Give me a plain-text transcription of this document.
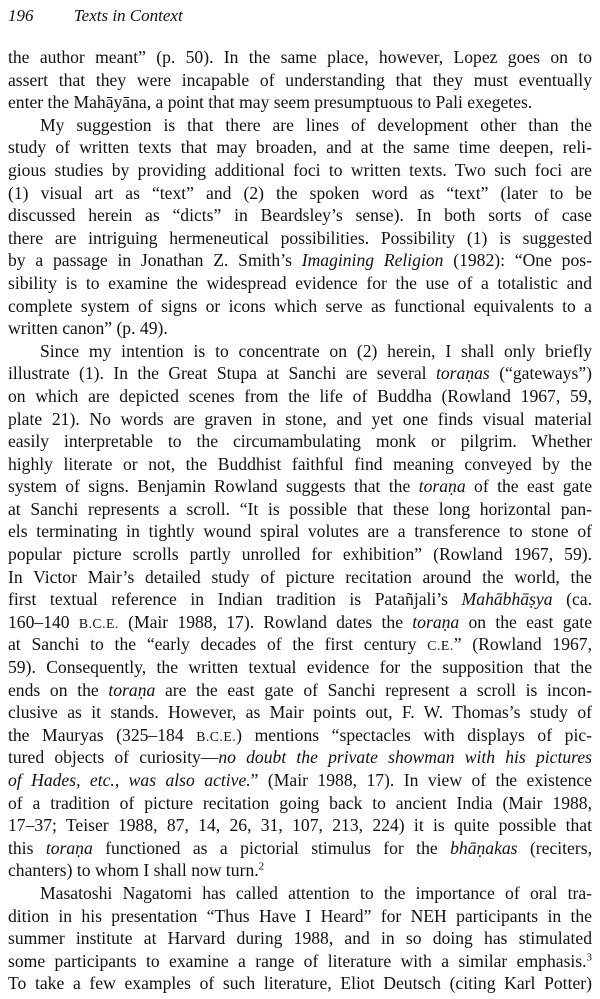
196 Texts in Context
the author meant” (p. 50). In the same place, however, Lopez goes on to
assert that they were incapable of understanding that they must eventually
enter the Mahāyāna, a point that may seem presumptuous to Pali exegetes.
My suggestion is that there are lines of development other than the
study of written texts that may broaden, and at the same time deepen, reli-
gious studies by providing additional foci to written texts. Two such foci are
(1) visual art as “text” and (2) the spoken word as “text” (later to be
discussed herein as “dicts” in Beardsley’s sense). In both sorts of case
there are intriguing hermeneutical possibilities. Possibility (1) is suggested
by a passage in Jonathan Z. Smith’s Imagining Religion (1982): “One pos-
sibility is to examine the widespread evidence for the use of a totalistic and
complete system of signs or icons which serve as functional equivalents to a
written canon” (p. 49).
Since my intention is to concentrate on (2) herein, I shall only briefly
illustrate (1). In the Great Stupa at Sanchi are several toraṇas (“gateways”)
on which are depicted scenes from the life of Buddha (Rowland 1967, 59,
plate 21). No words are graven in stone, and yet one finds visual material
easily interpretable to the circumambulating monk or pilgrim. Whether
highly literate or not, the Buddhist faithful find meaning conveyed by the
system of signs. Benjamin Rowland suggests that the toraṇa of the east gate
at Sanchi represents a scroll. “It is possible that these long horizontal pan-
els terminating in tightly wound spiral volutes are a transference to stone of
popular picture scrolls partly unrolled for exhibition” (Rowland 1967, 59).
In Victor Mair’s detailed study of picture recitation around the world, the
first textual reference in Indian tradition is Patañjali’s Mahābhāṣya (ca.
160–140 B.C.E. (Mair 1988, 17). Rowland dates the toraṇa on the east gate
at Sanchi to the “early decades of the first century C.E.” (Rowland 1967,
59). Consequently, the written textual evidence for the supposition that the
ends on the toraṇa are the east gate of Sanchi represent a scroll is incon-
clusive as it stands. However, as Mair points out, F. W. Thomas’s study of
the Mauryas (325–184 B.C.E.) mentions “spectacles with displays of pic-
tured objects of curiosity—no doubt the private showman with his pictures
of Hades, etc., was also active.” (Mair 1988, 17). In view of the existence
of a tradition of picture recitation going back to ancient India (Mair 1988,
17–37; Teiser 1988, 87, 14, 26, 31, 107, 213, 224) it is quite possible that
this toraṇa functioned as a pictorial stimulus for the bhāṇakas (reciters,
chanters) to whom I shall now turn.$^2$
Masatoshi Nagatomi has called attention to the importance of oral tra-
dition in his presentation “Thus Have I Heard” for NEH participants in the
summer institute at Harvard during 1988, and in so doing has stimulated
some participants to examine a range of literature with a similar emphasis.$^3$
To take a few examples of such literature, Eliot Deutsch (citing Karl Potter)
